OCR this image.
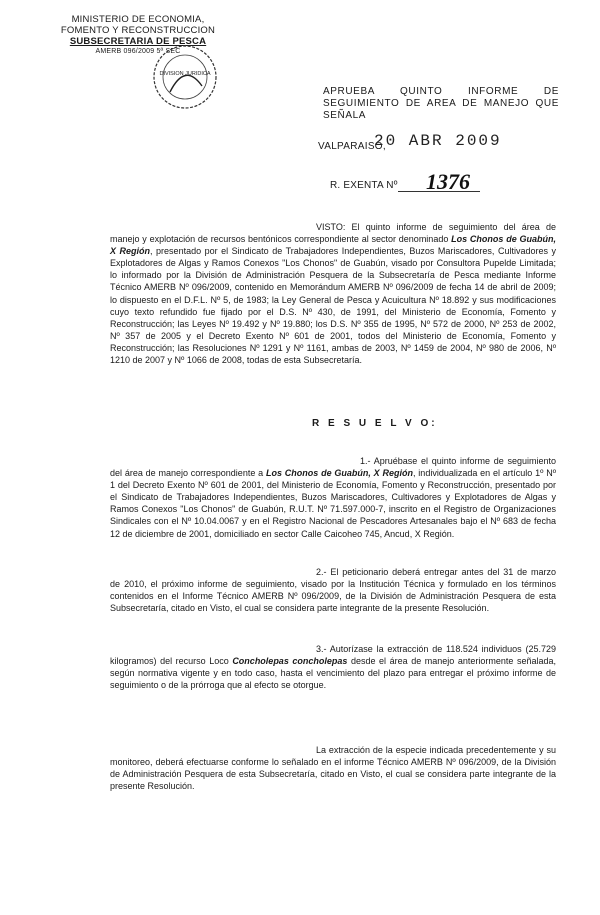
MINISTERIO DE ECONOMIA,
FOMENTO Y RECONSTRUCCION
SUBSECRETARIA DE PESCA
AMERB 096/2009 5ª SEC
DIVISION JURIDICA
APRUEBA QUINTO INFORME DE SEGUIMIENTO DE AREA DE MANEJO QUE SEÑALA
VALPARAISO,
20 ABR 2009
R. EXENTA Nº 1376
VISTO: El quinto informe de seguimiento del área de manejo y explotación de recursos bentónicos correspondiente al sector denominado Los Chonos de Guabún, X Región, presentado por el Sindicato de Trabajadores Independientes, Buzos Mariscadores, Cultivadores y Explotadores de Algas y Ramos Conexos "Los Chonos" de Guabún, visado por Consultora Pupelde Limitada; lo informado por la División de Administración Pesquera de la Subsecretaría de Pesca mediante Informe Técnico AMERB Nº 096/2009, contenido en Memorándum AMERB Nº 096/2009 de fecha 14 de abril de 2009; lo dispuesto en el D.F.L. Nº 5, de 1983; la Ley General de Pesca y Acuicultura Nº 18.892 y sus modificaciones cuyo texto refundido fue fijado por el D.S. Nº 430, de 1991, del Ministerio de Economía, Fomento y Reconstrucción; las Leyes Nº 19.492 y Nº 19.880; los D.S. Nº 355 de 1995, Nº 572 de 2000, Nº 253 de 2002, Nº 357 de 2005 y el Decreto Exento Nº 601 de 2001, todos del Ministerio de Economía, Fomento y Reconstrucción; las Resoluciones Nº 1291 y Nº 1161, ambas de 2003, Nº 1459 de 2004, Nº 980 de 2006, Nº 1210 de 2007 y Nº 1066 de 2008, todas de esta Subsecretaría.
R E S U E L V O:
1.- Apruébase el quinto informe de seguimiento del área de manejo correspondiente a Los Chonos de Guabún, X Región, individualizada en el artículo 1º Nº 1 del Decreto Exento Nº 601 de 2001, del Ministerio de Economía, Fomento y Reconstrucción, presentado por el Sindicato de Trabajadores Independientes, Buzos Mariscadores, Cultivadores y Explotadores de Algas y Ramos Conexos "Los Chonos" de Guabún, R.U.T. Nº 71.597.000-7, inscrito en el Registro de Organizaciones Sindicales con el Nº 10.04.0067 y en el Registro Nacional de Pescadores Artesanales bajo el Nº 683 de fecha 12 de diciembre de 2001, domiciliado en sector Calle Caicoheo 745, Ancud, X Región.
2.- El peticionario deberá entregar antes del 31 de marzo de 2010, el próximo informe de seguimiento, visado por la Institución Técnica y formulado en los términos contenidos en el Informe Técnico AMERB Nº 096/2009, de la División de Administración Pesquera de esta Subsecretaría, citado en Visto, el cual se considera parte integrante de la presente Resolución.
3.- Autorízase la extracción de 118.524 individuos (25.729 kilogramos) del recurso Loco Concholepas concholepas desde el área de manejo anteriormente señalada, según normativa vigente y en todo caso, hasta el vencimiento del plazo para entregar el próximo informe de seguimiento o de la prórroga que al efecto se otorgue.
La extracción de la especie indicada precedentemente y su monitoreo, deberá efectuarse conforme lo señalado en el informe Técnico AMERB Nº 096/2009, de la División de Administración Pesquera de esta Subsecretaría, citado en Visto, el cual se considera parte integrante de la presente Resolución.
